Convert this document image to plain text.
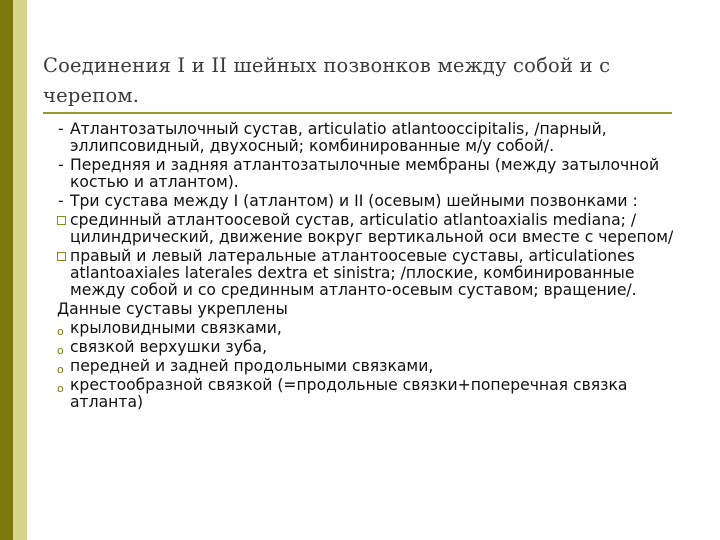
Соединения I и II шейных позвонков между собой и с черепом.
- Атлантозатылочный сустав, articulatio atlantooccipitalis, /парный, эллипсовидный, двухосный; комбинированные м/у собой/.
- Передняя и задняя атлантозатылочные мембраны (между затылочной костью и атлантом).
- Три сустава между I (атлантом) и II (осевым) шейными позвонками :
срединный атлантоосевой сустав, articulatio atlantoaxialis mediana; /цилиндрический, движение вокруг вертикальной оси вместе с черепом/
правый и левый латеральные атлантоосевые суставы, articulationes atlantoaxiales laterales dextra et sinistra; /плоские, комбинированные между собой и со срединным атланто-осевым суставом; вращение/.
Данные суставы укреплены
o крыловидными связками,
o связкой верхушки зуба,
o передней и задней продольными связками,
o крестообразной связкой (=продольные связки+поперечная связка атланта)
